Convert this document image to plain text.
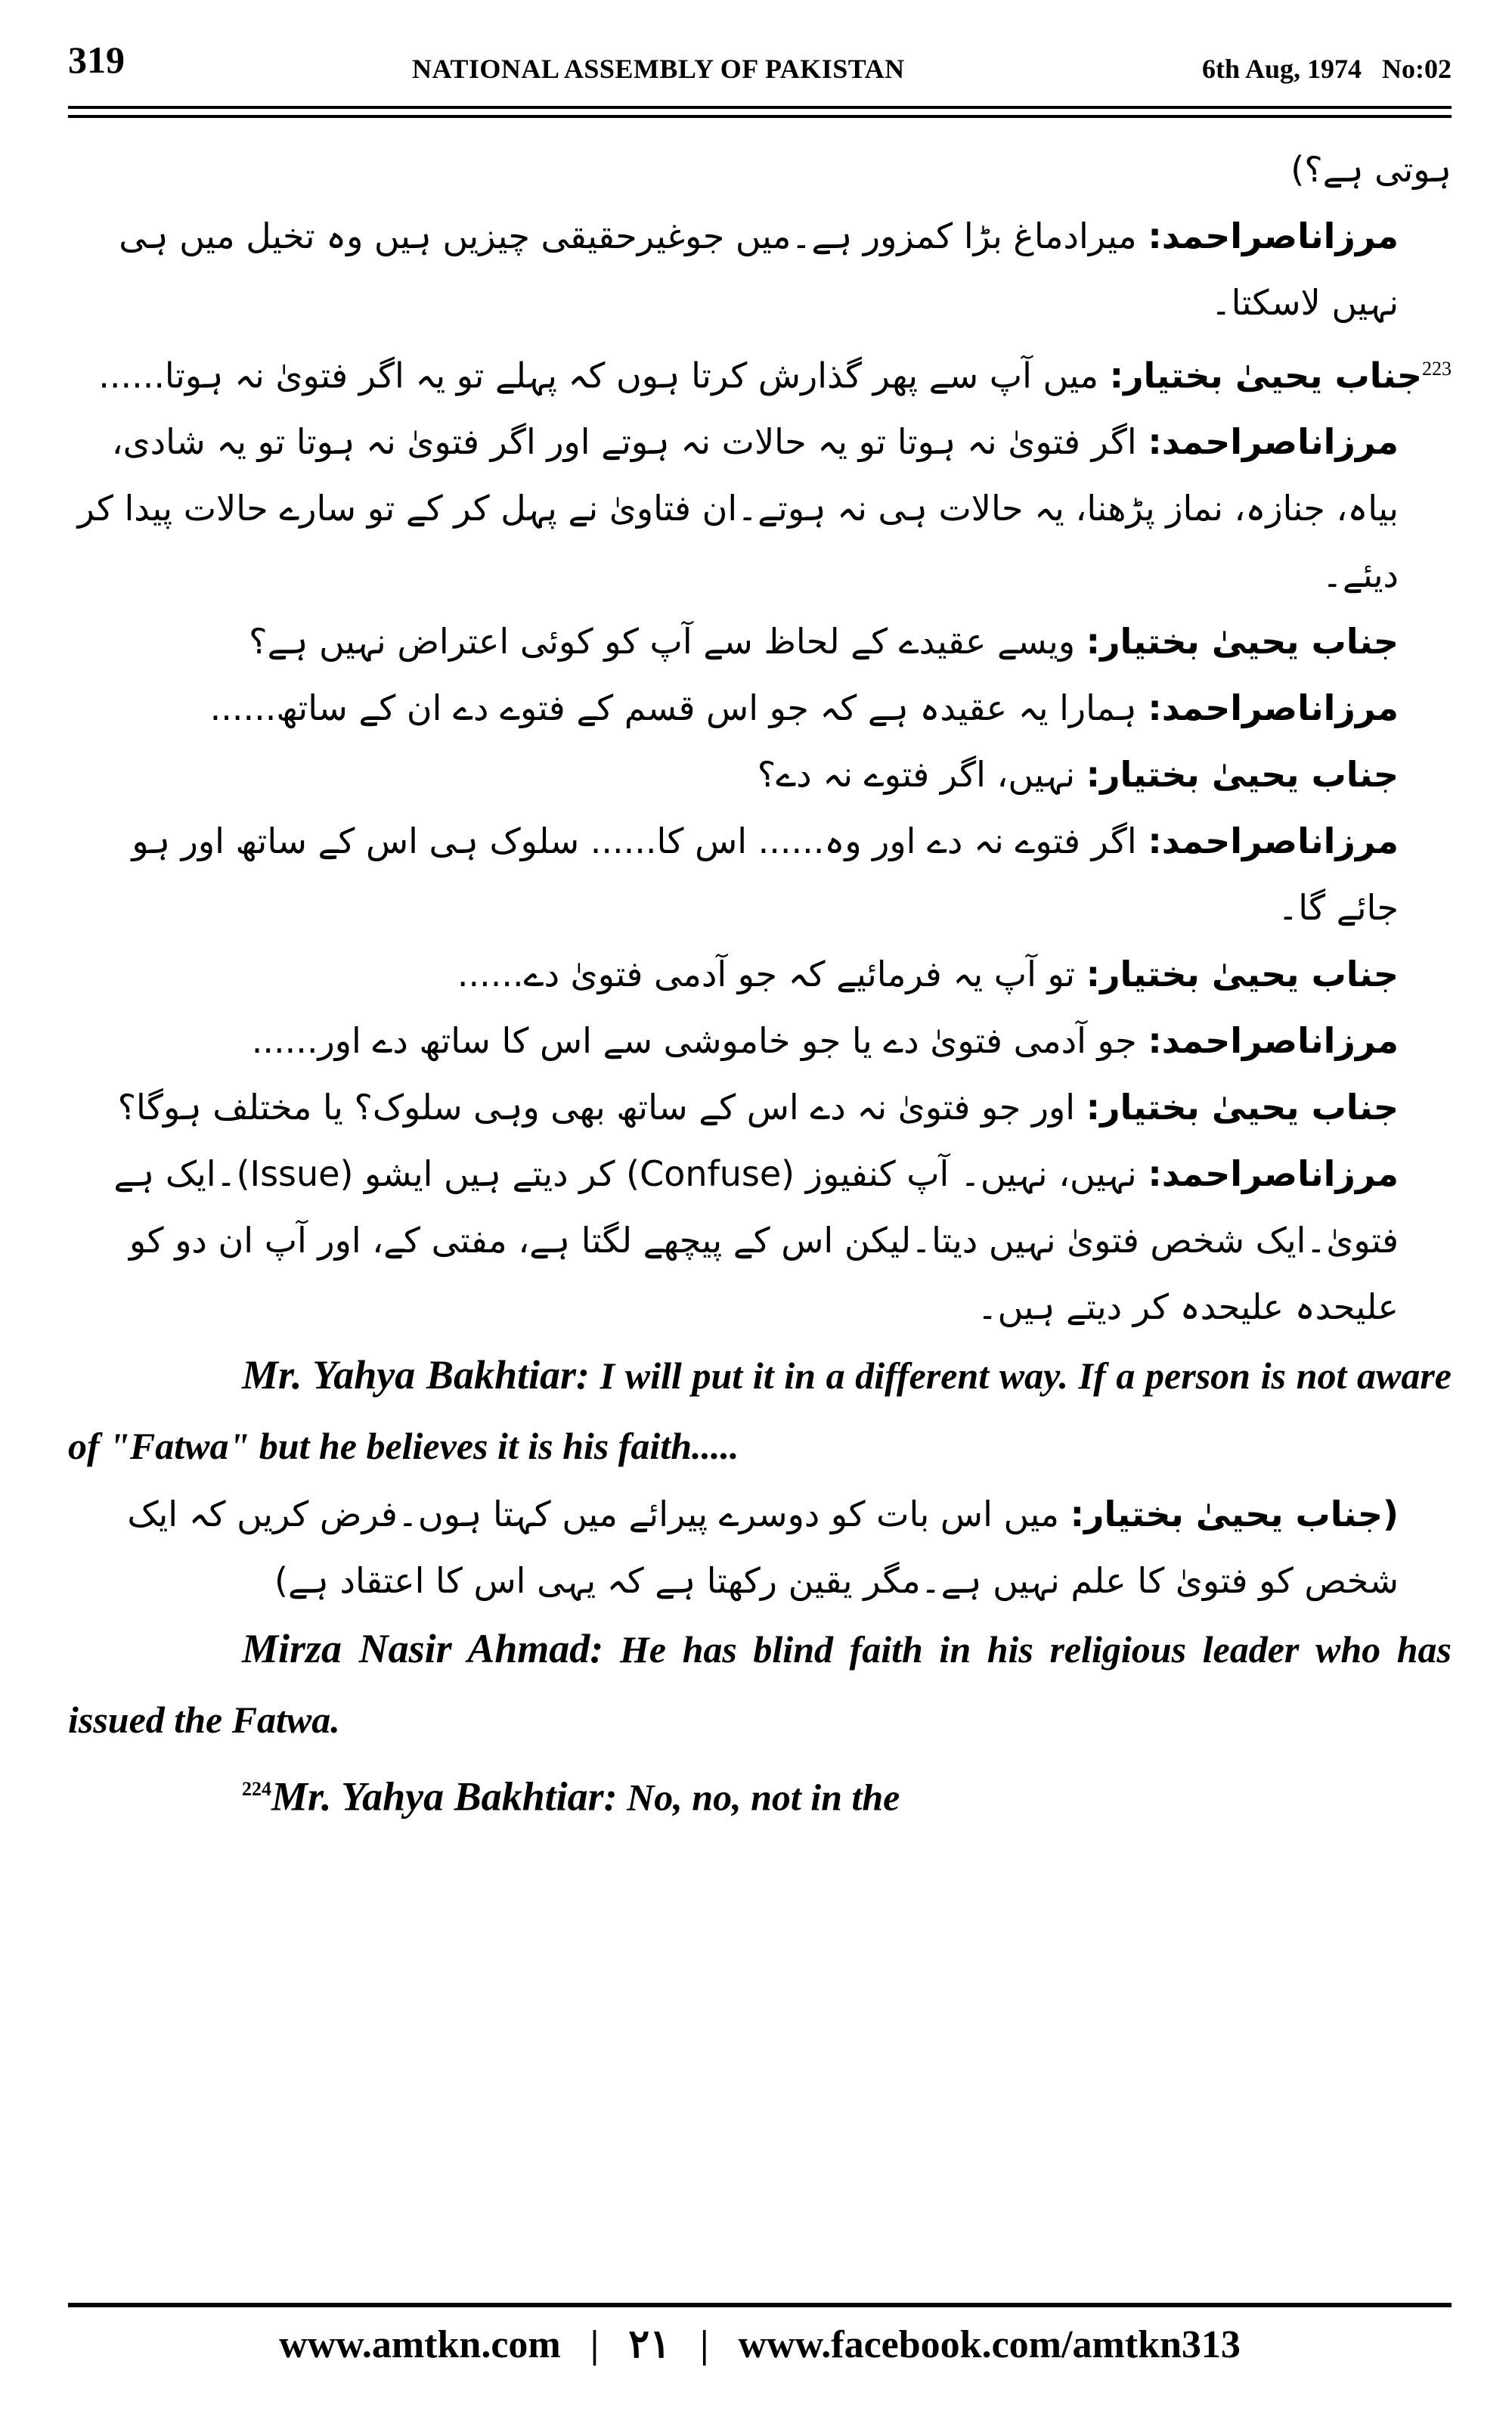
319	NATIONAL ASSEMBLY OF PAKISTAN	6th Aug, 1974   No:02

ہوتی ہے؟)

مرزاناصراحمد: میرادماغ بڑا کمزور ہے۔میں جوغیرحقیقی چیزیں ہیں وہ تخیل میں ہی نہیں لاسکتا۔

$^{223}$جناب یحییٰ بختیار: میں آپ سے پھر گذارش کرتا ہوں کہ پہلے تو یہ اگر فتویٰ نہ ہوتا......

مرزاناصراحمد: اگر فتویٰ نہ ہوتا تو یہ حالات نہ ہوتے اور اگر فتویٰ نہ ہوتا تو یہ شادی، بیاہ، جنازہ، نماز پڑھنا، یہ حالات ہی نہ ہوتے۔ان فتاویٰ نے پہل کر کے تو سارے حالات پیدا کر دیئے۔

جناب یحییٰ بختیار: ویسے عقیدے کے لحاظ سے آپ کو کوئی اعتراض نہیں ہے؟

مرزاناصراحمد: ہمارا یہ عقیدہ ہے کہ جو اس قسم کے فتوے دے ان کے ساتھ......

جناب یحییٰ بختیار: نہیں، اگر فتوے نہ دے؟

مرزاناصراحمد: اگر فتوے نہ دے اور وہ...... اس کا...... سلوک ہی اس کے ساتھ اور ہو جائے گا۔

جناب یحییٰ بختیار: تو آپ یہ فرمائیے کہ جو آدمی فتویٰ دے......

مرزاناصراحمد: جو آدمی فتویٰ دے یا جو خاموشی سے اس کا ساتھ دے اور......

جناب یحییٰ بختیار: اور جو فتویٰ نہ دے اس کے ساتھ بھی وہی سلوک؟ یا مختلف ہوگا؟

مرزاناصراحمد: نہیں، نہیں۔ آپ کنفیوز (Confuse) کر دیتے ہیں ایشو (Issue)۔ایک ہے فتویٰ۔ایک شخص فتویٰ نہیں دیتا۔لیکن اس کے پیچھے لگتا ہے، مفتی کے، اور آپ ان دو کو علیحدہ علیحدہ کر دیتے ہیں۔

Mr. Yahya Bakhtiar: I will put it in a different way. If a person is not aware of "Fatwa" but he believes it is his faith.....

(جناب یحییٰ بختیار: میں اس بات کو دوسرے پیرائے میں کہتا ہوں۔فرض کریں کہ ایک شخص کو فتویٰ کا علم نہیں ہے۔مگر یقین رکھتا ہے کہ یہی اس کا اعتقاد ہے)

Mirza Nasir Ahmad: He has blind faith in his religious leader who has issued the Fatwa.

$^{224}$Mr. Yahya Bakhtiar: No, no, not in the

www.amtkn.com | ۲۱ | www.facebook.com/amtkn313
